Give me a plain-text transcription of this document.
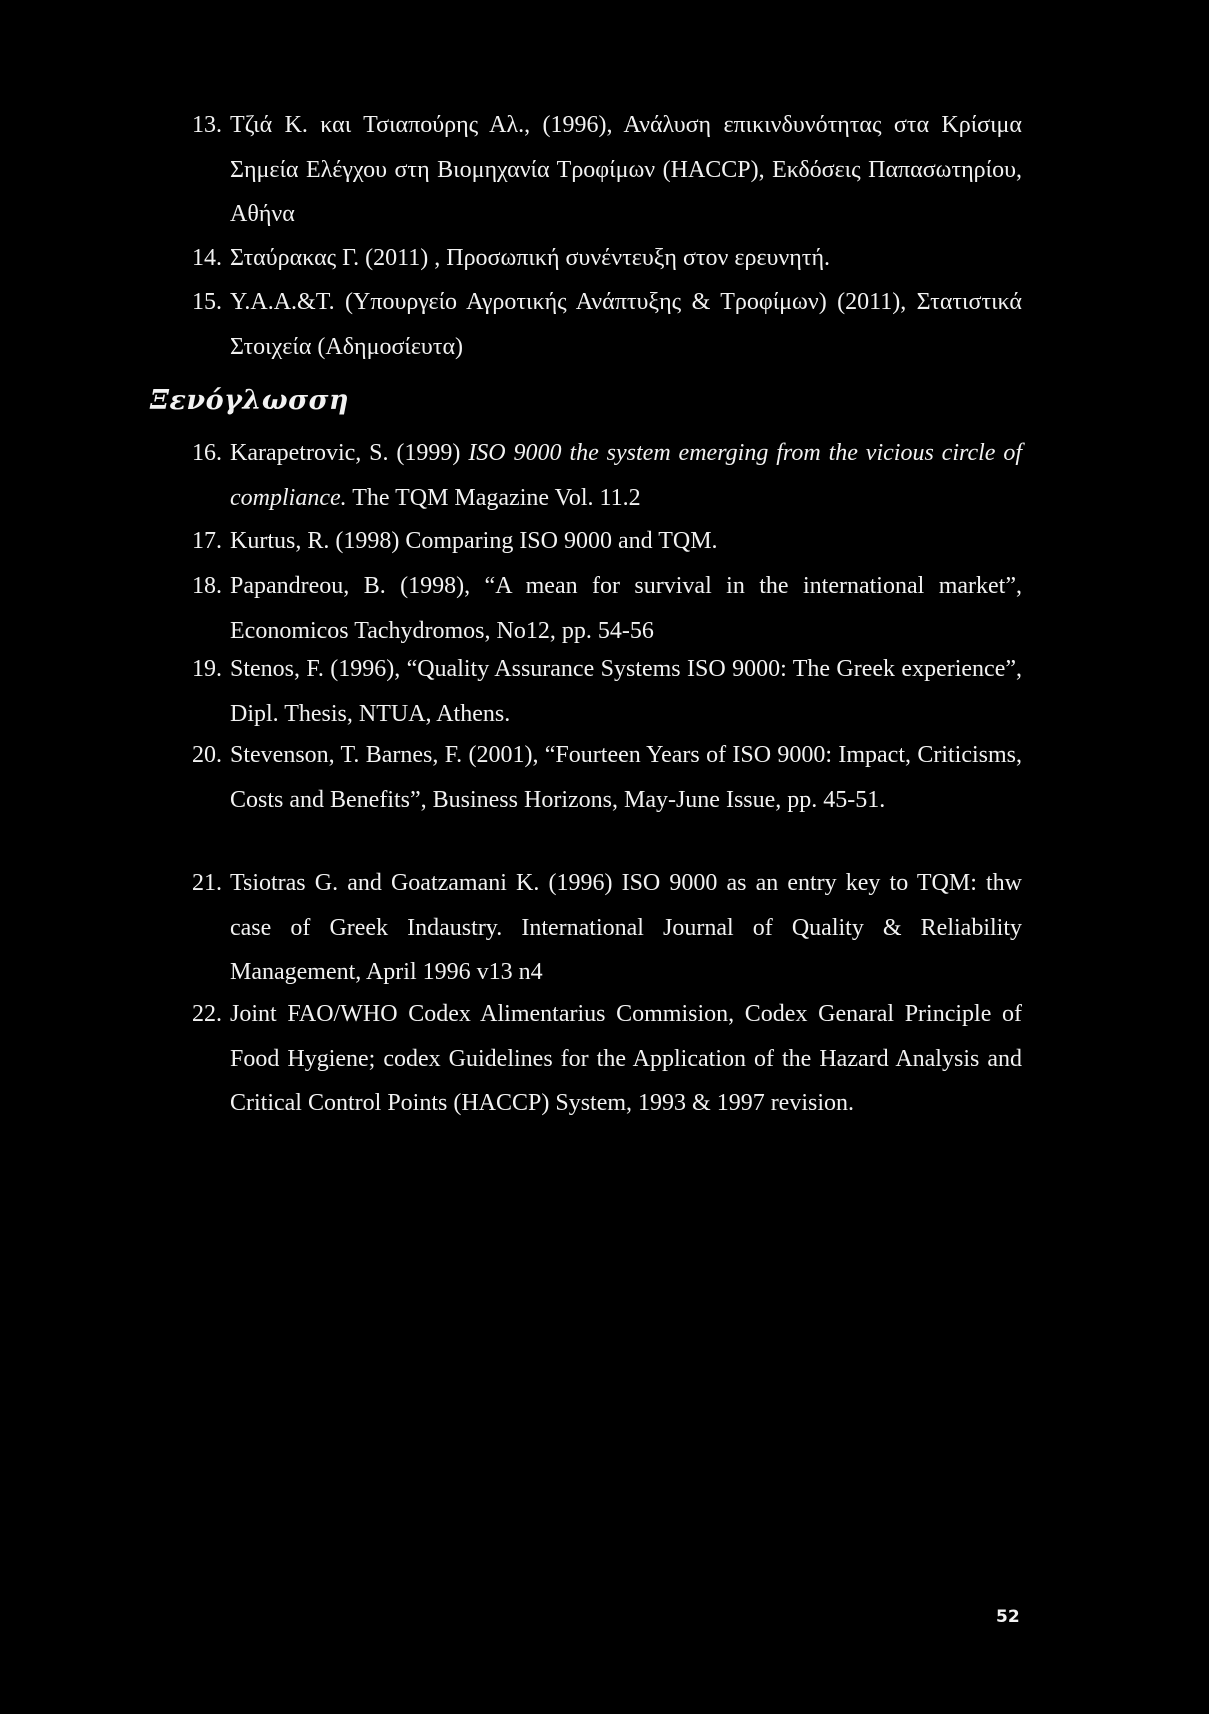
13. Τζιά Κ. και Τσιαπούρης Αλ., (1996), Ανάλυση επικινδυνότητας στα Κρίσιμα Σημεία Ελέγχου στη Βιομηχανία Τροφίμων (HACCP), Εκδόσεις Παπασωτηρίου, Αθήνα
14. Σταύρακας Γ. (2011) , Προσωπική συνέντευξη στον ερευνητή.
15. Υ.Α.Α.&Τ. (Υπουργείο Αγροτικής Ανάπτυξης & Τροφίμων) (2011), Στατιστικά Στοιχεία (Αδημοσίευτα)
Ξενόγλωσση
16. Karapetrovic, S. (1999) ISO 9000 the system emerging from the vicious circle of compliance. The TQM Magazine Vol. 11.2
17. Kurtus, R. (1998) Comparing ISO 9000 and TQM.
18. Papandreou, B. (1998), “A mean for survival in the international market”, Economicos Tachydromos, No12, pp. 54-56
19. Stenos, F. (1996), “Quality Assurance Systems ISO 9000: The Greek experience”, Dipl. Thesis, NTUA, Athens.
20. Stevenson, T. Barnes, F. (2001), “Fourteen Years of ISO 9000: Impact, Criticisms, Costs and Benefits”, Business Horizons, May-June Issue, pp. 45-51.
21. Tsiotras G. and Goatzamani K. (1996) ISO 9000 as an entry key to TQM: thw case of Greek Indaustry. International Journal of Quality & Reliability Management, April 1996 v13 n4
22. Joint FAO/WHO Codex Alimentarius Commision, Codex Genaral Principle of Food Hygiene; codex Guidelines for the Application of the Hazard Analysis and Critical Control Points (HACCP) System, 1993 & 1997 revision.
52
